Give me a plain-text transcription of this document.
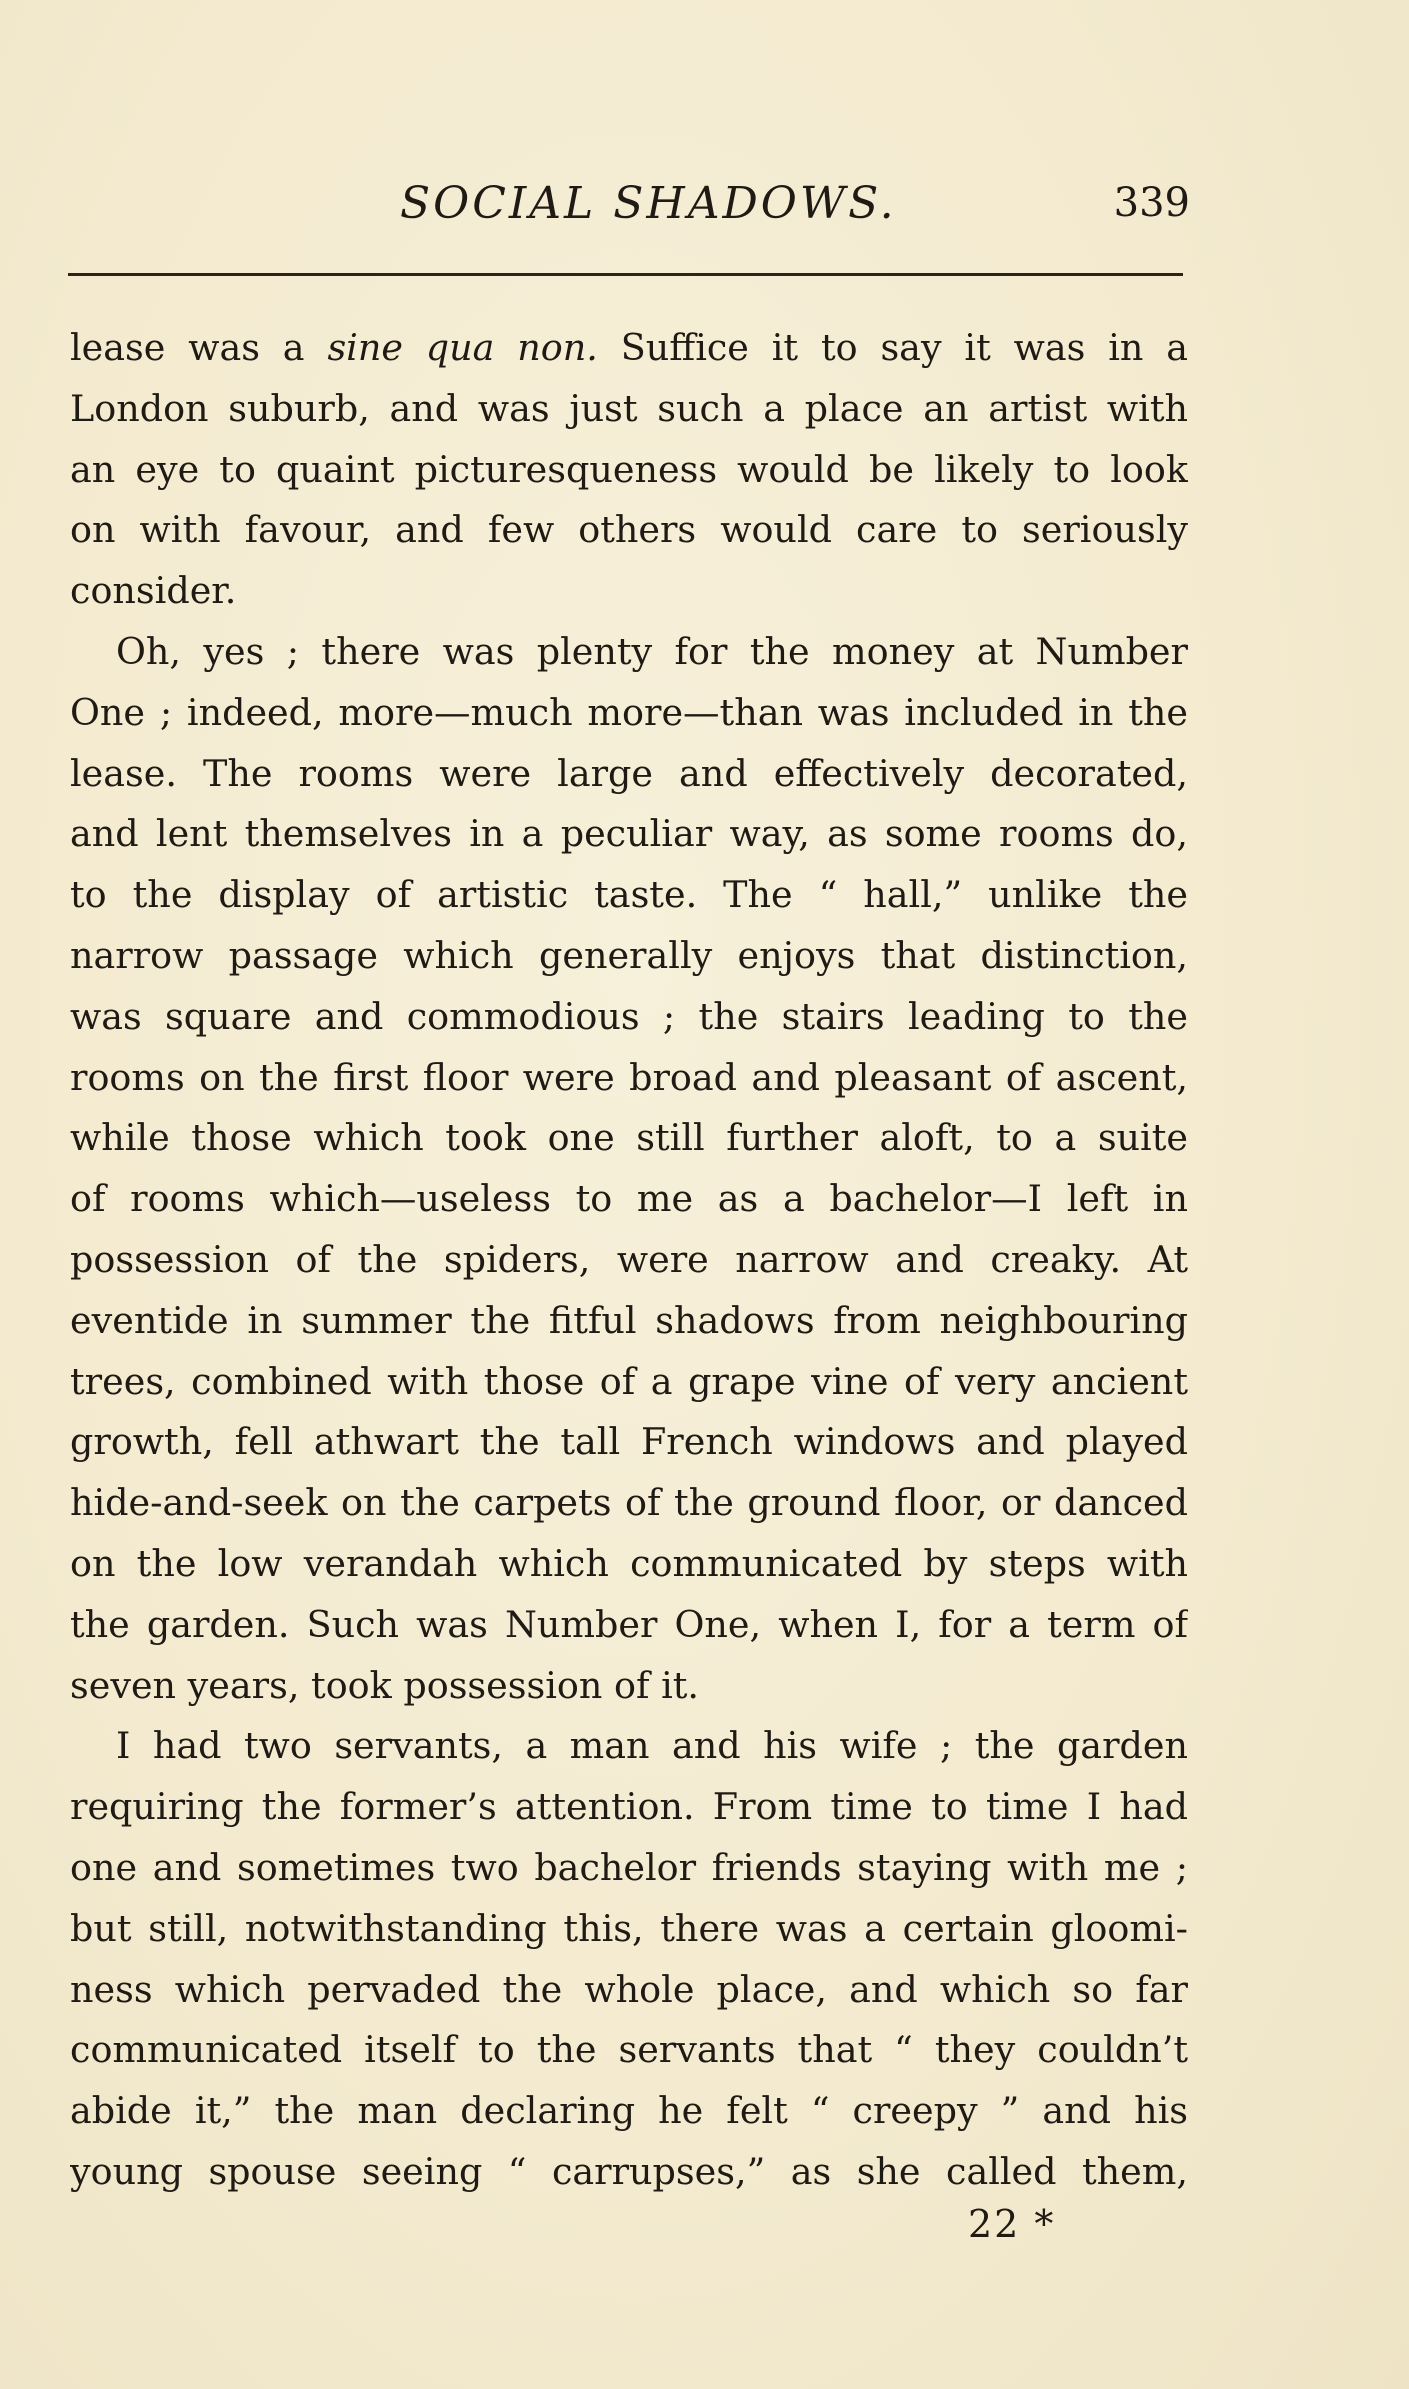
SOCIAL SHADOWS.	339
lease was a sine qua non. Suffice it to say it was in a
London suburb, and was just such a place an artist with
an eye to quaint picturesqueness would be likely to look
on with favour, and few others would care to seriously
consider.
Oh, yes ; there was plenty for the money at Number
One ; indeed, more—much more—than was included in the
lease. The rooms were large and effectively decorated,
and lent themselves in a peculiar way, as some rooms do,
to the display of artistic taste. The “ hall,” unlike the
narrow passage which generally enjoys that distinction,
was square and commodious ; the stairs leading to the
rooms on the first floor were broad and pleasant of ascent,
while those which took one still further aloft, to a suite
of rooms which—useless to me as a bachelor—I left in
possession of the spiders, were narrow and creaky. At
eventide in summer the fitful shadows from neighbouring
trees, combined with those of a grape vine of very ancient
growth, fell athwart the tall French windows and played
hide-and-seek on the carpets of the ground floor, or danced
on the low verandah which communicated by steps with
the garden. Such was Number One, when I, for a term of
seven years, took possession of it.
I had two servants, a man and his wife ; the garden
requiring the former’s attention. From time to time I had
one and sometimes two bachelor friends staying with me ;
but still, notwithstanding this, there was a certain gloomi-
ness which pervaded the whole place, and which so far
communicated itself to the servants that “ they couldn’t
abide it,” the man declaring he felt “ creepy ” and his
young spouse seeing “ carrupses,” as she called them,
22 *
